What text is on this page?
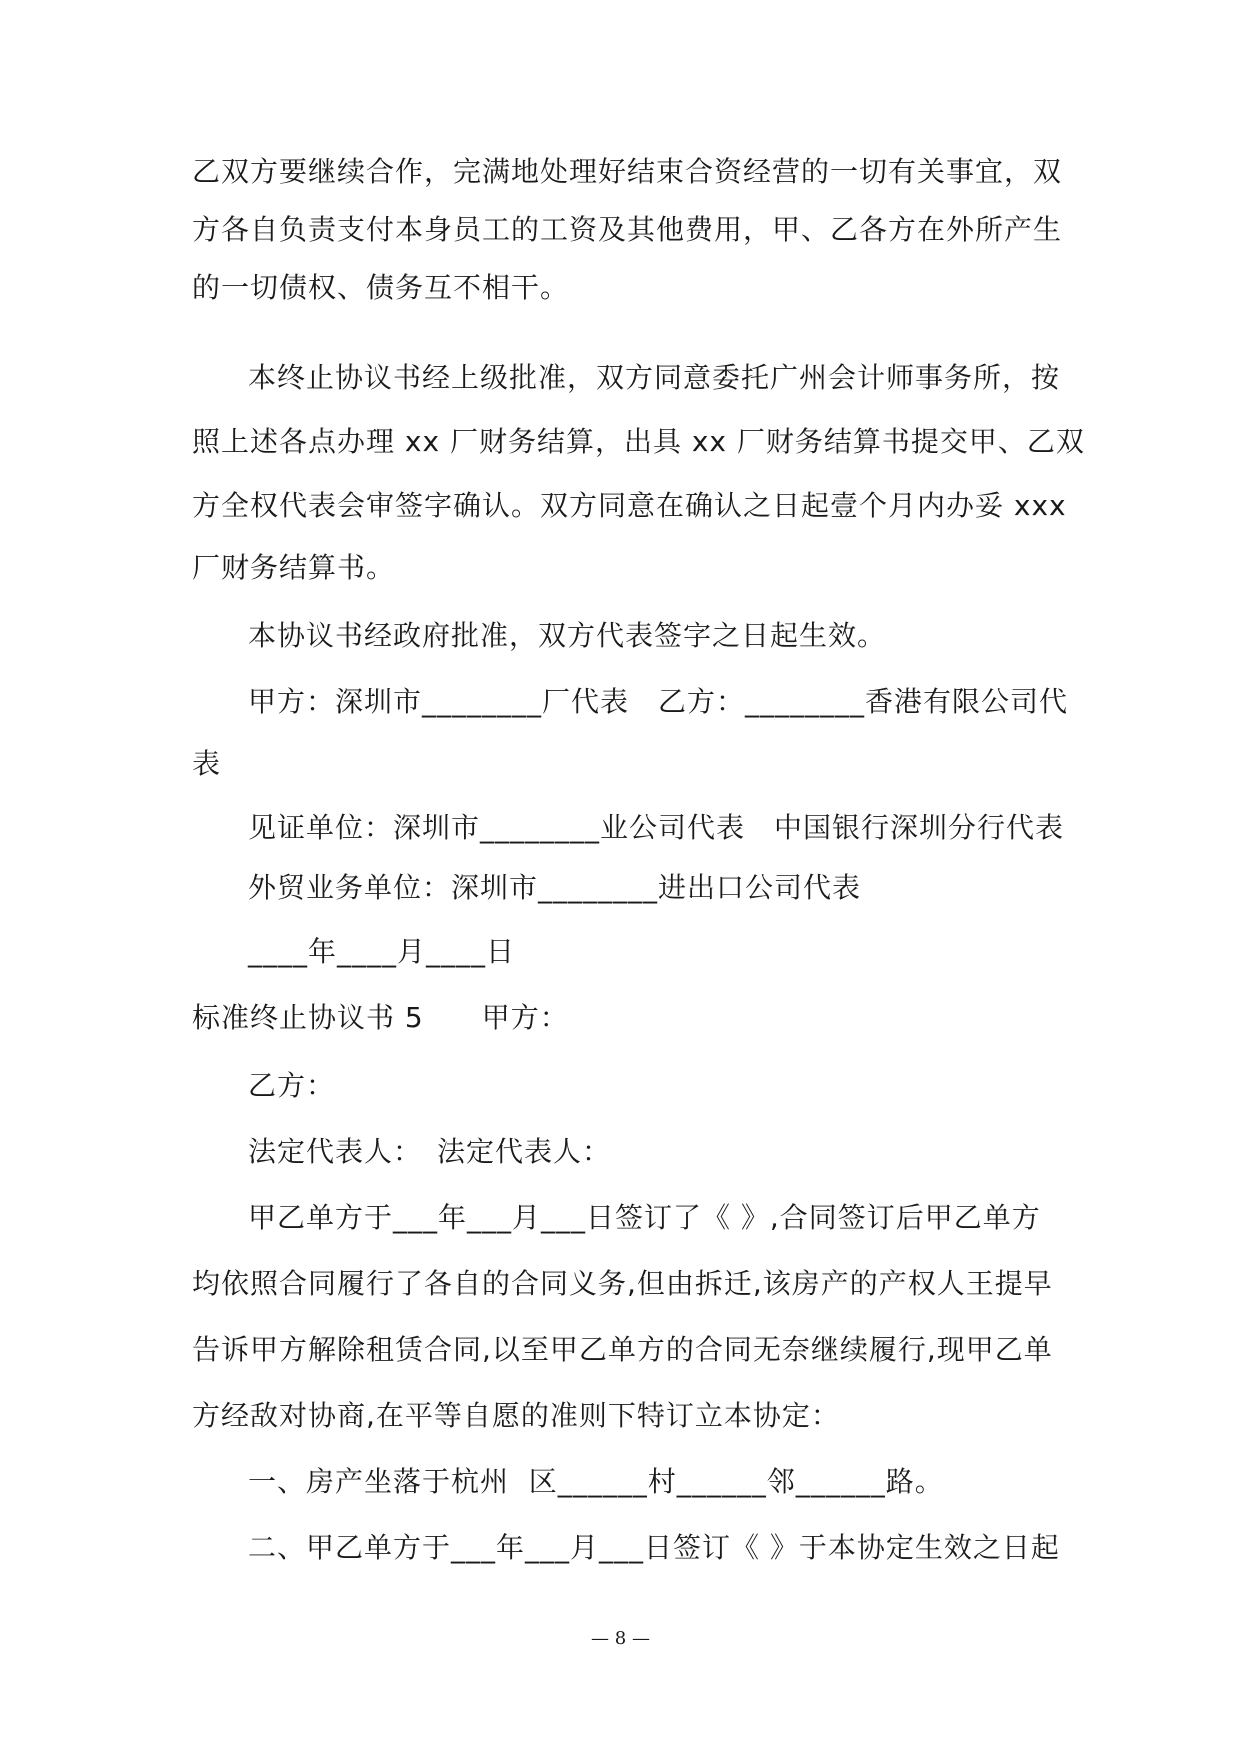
乙双方要继续合作，完满地处理好结束合资经营的一切有关事宜，双
方各自负责支付本身员工的工资及其他费用，甲、乙各方在外所产生
的一切债权、债务互不相干。
本终止协议书经上级批准，双方同意委托广州会计师事务所，按
照上述各点办理 xx 厂财务结算，出具 xx 厂财务结算书提交甲、乙双
方全权代表会审签字确认。双方同意在确认之日起壹个月内办妥 xxx
厂财务结算书。
本协议书经政府批准，双方代表签字之日起生效。
甲方：深圳市________厂代表　乙方：________香港有限公司代
表
见证单位：深圳市________业公司代表　中国银行深圳分行代表
外贸业务单位：深圳市________进出口公司代表
____年____月____日
标准终止协议书 5　　甲方：
乙方：
法定代表人：　法定代表人：
甲乙单方于___年___月___日签订了《 》,合同签订后甲乙单方
均依照合同履行了各自的合同义务,但由拆迁,该房产的产权人王提早
告诉甲方解除租赁合同,以至甲乙单方的合同无奈继续履行,现甲乙单
方经敌对协商,在平等自愿的准则下特订立本协定：
一、房产坐落于杭州  区______村______邻______路。
二、甲乙单方于___年___月___日签订《 》于本协定生效之日起
— 8 —
